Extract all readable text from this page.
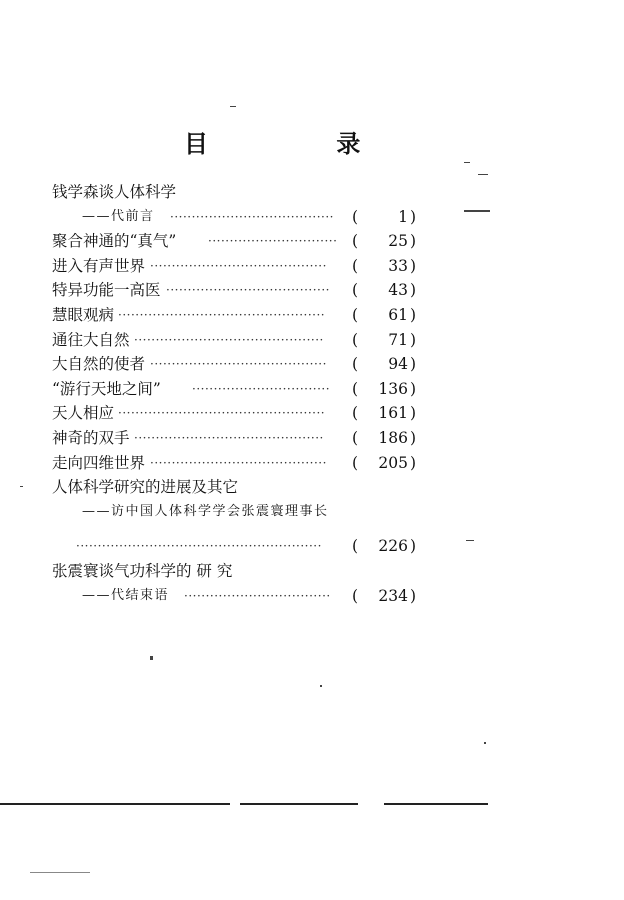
目 录
钱学森谈人体科学
——代前言 ······································	(	1 )
聚合神通的“真气”	······························ (	25 )
进入有声世界 ·········································	(	33 )
特异功能一高医 ······································	(	43 )
慧眼观病 ················································	(	61 )
通往大自然 ············································	(	71 )
大自然的使者 ·········································	(	94 )
“游行天地之间”	································	(	136 )
天人相应 ················································	(	161 )
神奇的双手 ············································	(	186 )
走向四维世界 ·········································	(	205 )
人体科学研究的进展及其它
——访中国人体科学学会张震寰理事长
·························································	(	226 )
张震寰谈气功科学的 研 究
——代结束语 ··································	(	234 )
